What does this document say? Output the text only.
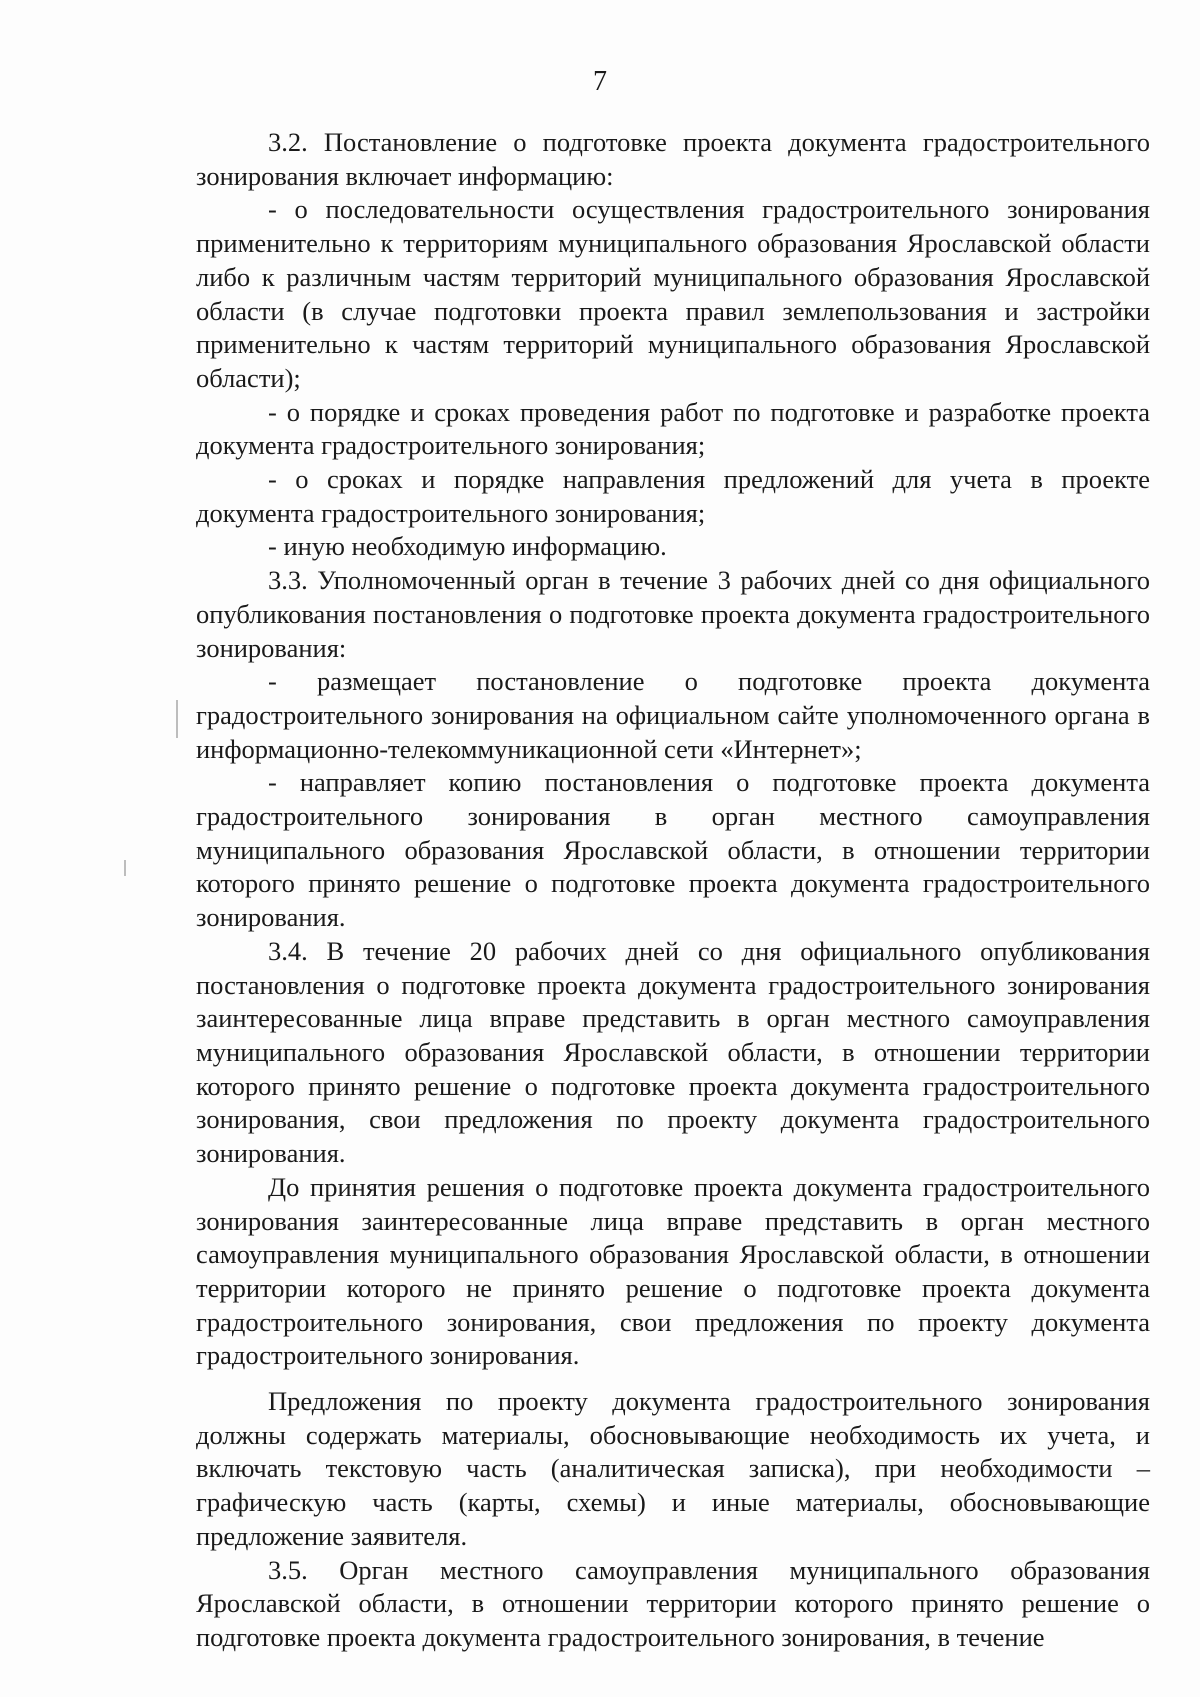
7

3.2. Постановление о подготовке проекта документа градостроительного зонирования включает информацию:

- о последовательности осуществления градостроительного зонирования применительно к территориям муниципального образования Ярославской области либо к различным частям территорий муниципального образования Ярославской области (в случае подготовки проекта правил землепользования и застройки применительно к частям территорий муниципального образования Ярославской области);

- о порядке и сроках проведения работ по подготовке и разработке проекта документа градостроительного зонирования;

- о сроках и порядке направления предложений для учета в проекте документа градостроительного зонирования;

- иную необходимую информацию.

3.3. Уполномоченный орган в течение 3 рабочих дней со дня официального опубликования постановления о подготовке проекта документа градостроительного зонирования:

- размещает постановление о подготовке проекта документа градостроительного зонирования на официальном сайте уполномоченного органа в информационно-телекоммуникационной сети «Интернет»;

- направляет копию постановления о подготовке проекта документа градостроительного зонирования в орган местного самоуправления муниципального образования Ярославской области, в отношении территории которого принято решение о подготовке проекта документа градостроительного зонирования.

3.4. В течение 20 рабочих дней со дня официального опубликования постановления о подготовке проекта документа градостроительного зонирования заинтересованные лица вправе представить в орган местного самоуправления муниципального образования Ярославской области, в отношении территории которого принято решение о подготовке проекта документа градостроительного зонирования, свои предложения по проекту документа градостроительного зонирования.

До принятия решения о подготовке проекта документа градостроительного зонирования заинтересованные лица вправе представить в орган местного самоуправления муниципального образования Ярославской области, в отношении территории которого не принято решение о подготовке проекта документа градостроительного зонирования, свои предложения по проекту документа градостроительного зонирования.

Предложения по проекту документа градостроительного зонирования должны содержать материалы, обосновывающие необходимость их учета, и включать текстовую часть (аналитическая записка), при необходимости – графическую часть (карты, схемы) и иные материалы, обосновывающие предложение заявителя.

3.5. Орган местного самоуправления муниципального образования Ярославской области, в отношении территории которого принято решение о подготовке проекта документа градостроительного зонирования, в течение
